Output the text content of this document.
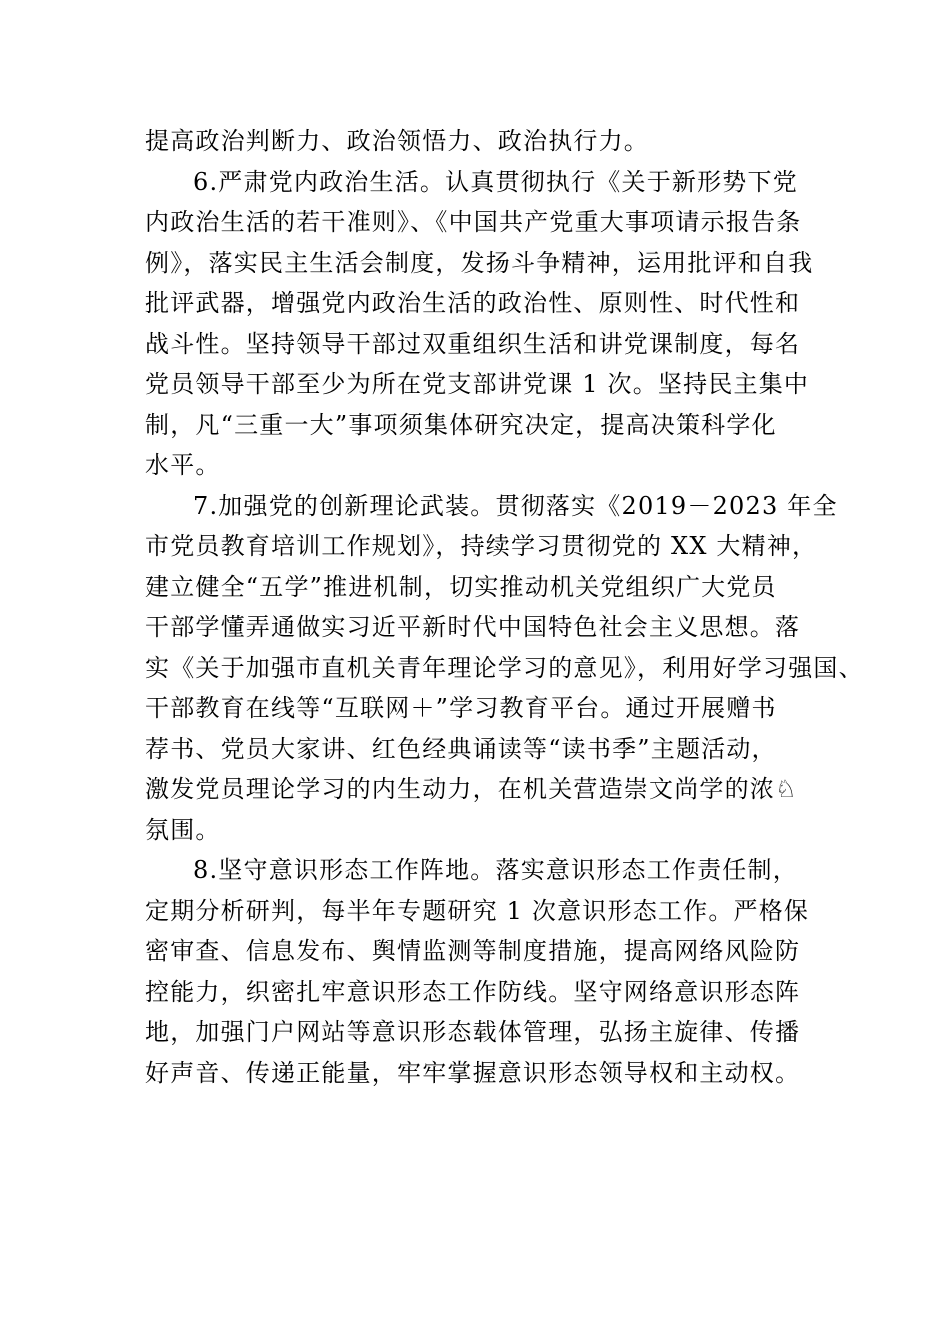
提高政治判断力、政治领悟力、政治执行力。
6.严肃党内政治生活。认真贯彻执行《关于新形势下党
内政治生活的若干准则》、《中国共产党重大事项请示报告条
例》，落实民主生活会制度，发扬斗争精神，运用批评和自我
批评武器，增强党内政治生活的政治性、原则性、时代性和
战斗性。坚持领导干部过双重组织生活和讲党课制度，每名
党员领导干部至少为所在党支部讲党课 1 次。坚持民主集中
制，凡“三重一大”事项须集体研究决定，提高决策科学化
水平。
7.加强党的创新理论武装。贯彻落实《2019－2023 年全
市党员教育培训工作规划》，持续学习贯彻党的 XX 大精神，
建立健全“五学”推进机制，切实推动机关党组织广大党员
干部学懂弄通做实习近平新时代中国特色社会主义思想。落
实《关于加强市直机关青年理论学习的意见》，利用好学习强国、
干部教育在线等“互联网＋”学习教育平台。通过开展赠书
荐书、党员大家讲、红色经典诵读等“读书季”主题活动，
激发党员理论学习的内生动力，在机关营造崇文尚学的浓♘
氛围。
8.坚守意识形态工作阵地。落实意识形态工作责任制，
定期分析研判，每半年专题研究 1 次意识形态工作。严格保
密审查、信息发布、舆情监测等制度措施，提高网络风险防
控能力，织密扎牢意识形态工作防线。坚守网络意识形态阵
地，加强门户网站等意识形态载体管理，弘扬主旋律、传播
好声音、传递正能量，牢牢掌握意识形态领导权和主动权。
